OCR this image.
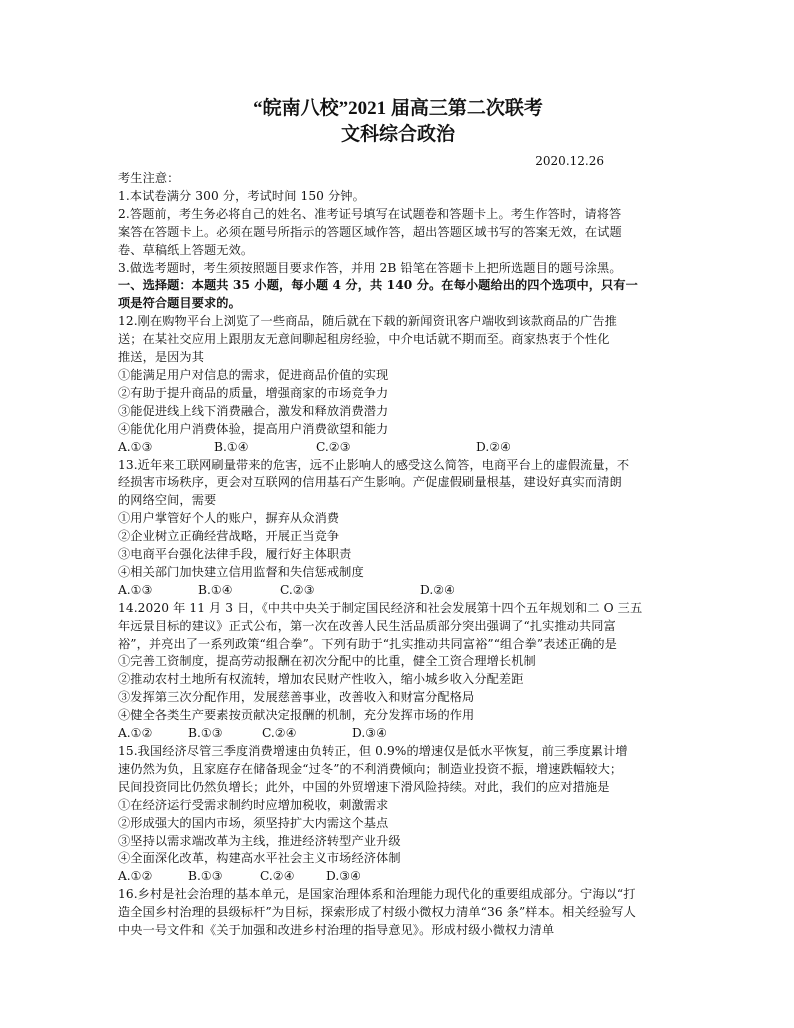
“皖南八校”2021 届高三第二次联考
文科综合政治
2020.12.26
考生注意：
1.本试卷满分 300 分，考试时间 150 分钟。
2.答题前，考生务必将自己的姓名、准考证号填写在试题卷和答题卡上。考生作答时，请将答
案答在答题卡上。必须在题号所指示的答题区域作答，超出答题区域书写的答案无效，在试题
卷、草稿纸上答题无效。
3.做选考题时，考生须按照题目要求作答，并用 2B 铅笔在答题卡上把所选题目的题号涂黑。
一、选择题：本题共 35 小题，每小题 4 分，共 140 分。在每小题给出的四个选项中，只有一
项是符合题目要求的。
12.刚在购物平台上浏览了一些商品，随后就在下载的新闻资讯客户端收到该款商品的广告推
送；在某社交应用上跟朋友无意间聊起租房经验，中介电话就不期而至。商家热衷于个性化
推送，是因为其
①能满足用户对信息的需求，促进商品价值的实现
②有助于提升商品的质量，增强商家的市场竞争力
③能促进线上线下消费融合，激发和释放消费潜力
④能优化用户消费体验，提高用户消费欲望和能力
A.①③	B.①④	C.②③	D.②④
13.近年来工联网刷量带来的危害，远不止影响人的感受这么简答，电商平台上的虚假流量，不
经损害市场秩序，更会对互联网的信用基石产生影响。产促虚假刷量根基，建设好真实而清朗
的网络空间，需要
①用户掌管好个人的账户，摒弃从众消费
②企业树立正确经营战略，开展正当竞争
③电商平台强化法律手段，履行好主体职责
④相关部门加快建立信用监督和失信惩戒制度
A.①③	B.①④	C.②③	D.②④
14.2020 年 11 月 3 日，《中共中央关于制定国民经济和社会发展第十四个五年规划和二 O 三五
年远景目标的建议》正式公布，第一次在改善人民生活品质部分突出强调了“扎实推动共同富
裕”，并亮出了一系列政策“组合拳”。下列有助于“扎实推动共同富裕”“组合拳”表述正确的是
①完善工资制度，提高劳动报酬在初次分配中的比重，健全工资合理增长机制
②推动农村土地所有权流转，增加农民财产性收入，缩小城乡收入分配差距
③发挥第三次分配作用，发展慈善事业，改善收入和财富分配格局
④健全各类生产要素按贡献决定报酬的机制，充分发挥市场的作用
A.①②	B.①③	C.②④	D.③④
15.我国经济尽管三季度消费增速由负转正，但 0.9%的增速仅是低水平恢复，前三季度累计增
速仍然为负，且家庭存在储备现金“过冬”的不利消费倾向；制造业投资不振，增速跌幅较大；
民间投资同比仍然负增长；此外，中国的外贸增速下滑风险持续。对此，我们的应对措施是
①在经济运行受需求制约时应增加税收，刺激需求
②形成强大的国内市场，须坚持扩大内需这个基点
③坚持以需求端改革为主线，推进经济转型产业升级
④全面深化改革，构建高水平社会主义市场经济体制
A.①②	B.①③	C.②④	D.③④
16.乡村是社会治理的基本单元，是国家治理体系和治理能力现代化的重要组成部分。宁海以“打
造全国乡村治理的县级标杆”为目标，探索形成了村级小微权力清单“36 条”样本。相关经验写人
中央一号文件和《关于加强和改进乡村治理的指导意见》。形成村级小微权力清单
